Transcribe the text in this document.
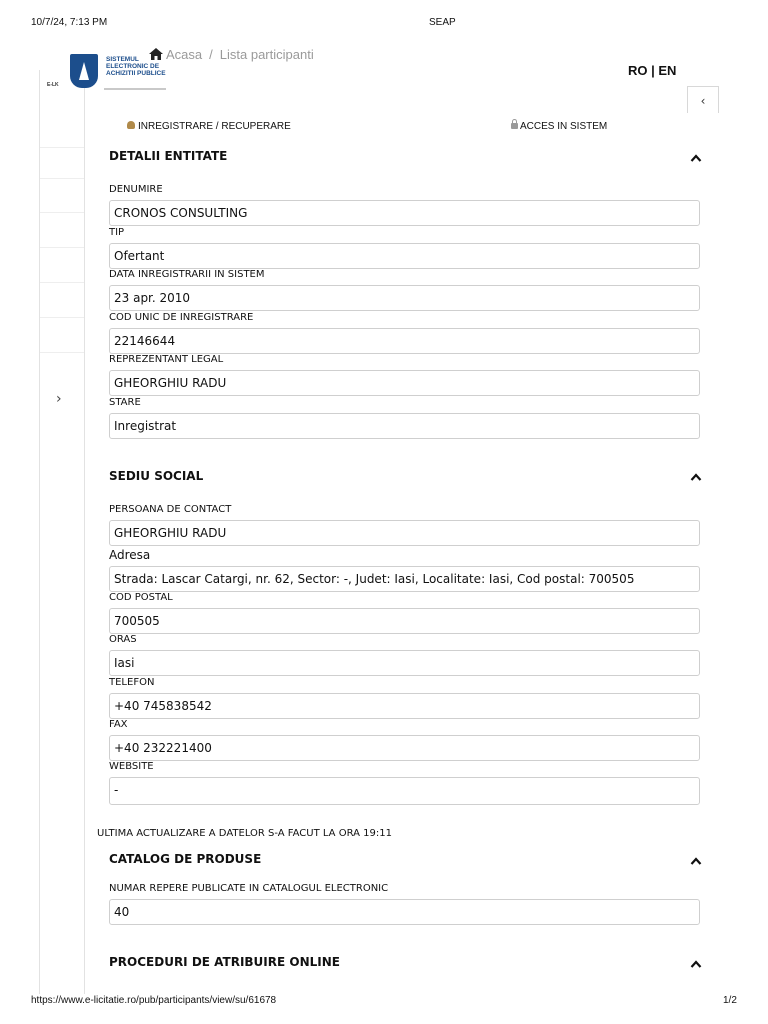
10/7/24, 7:13 PM	SEAP
https://www.e-licitatie.ro/pub/participants/view/su/61678	1/2
E-LK
›
SISTEMUL ELECTRONIC DE ACHIZITII PUBLICE
Acasa / Lista participanti
RO | EN
‹
INREGISTRARE / RECUPERARE	ACCES IN SISTEM
DETALII ENTITATE
DENUMIRE
CRONOS CONSULTING
TIP
Ofertant
DATA INREGISTRARII IN SISTEM
23 apr. 2010
COD UNIC DE INREGISTRARE
22146644
REPREZENTANT LEGAL
GHEORGHIU RADU
STARE
Inregistrat
SEDIU SOCIAL
PERSOANA DE CONTACT
GHEORGHIU RADU
Adresa
Strada: Lascar Catargi, nr. 62, Sector: -, Judet: Iasi, Localitate: Iasi, Cod postal: 700505
COD POSTAL
700505
ORAS
Iasi
TELEFON
+40 745838542
FAX
+40 232221400
WEBSITE
-
ULTIMA ACTUALIZARE A DATELOR S-A FACUT LA ORA 19:11
CATALOG DE PRODUSE
NUMAR REPERE PUBLICATE IN CATALOGUL ELECTRONIC
40
PROCEDURI DE ATRIBUIRE ONLINE
